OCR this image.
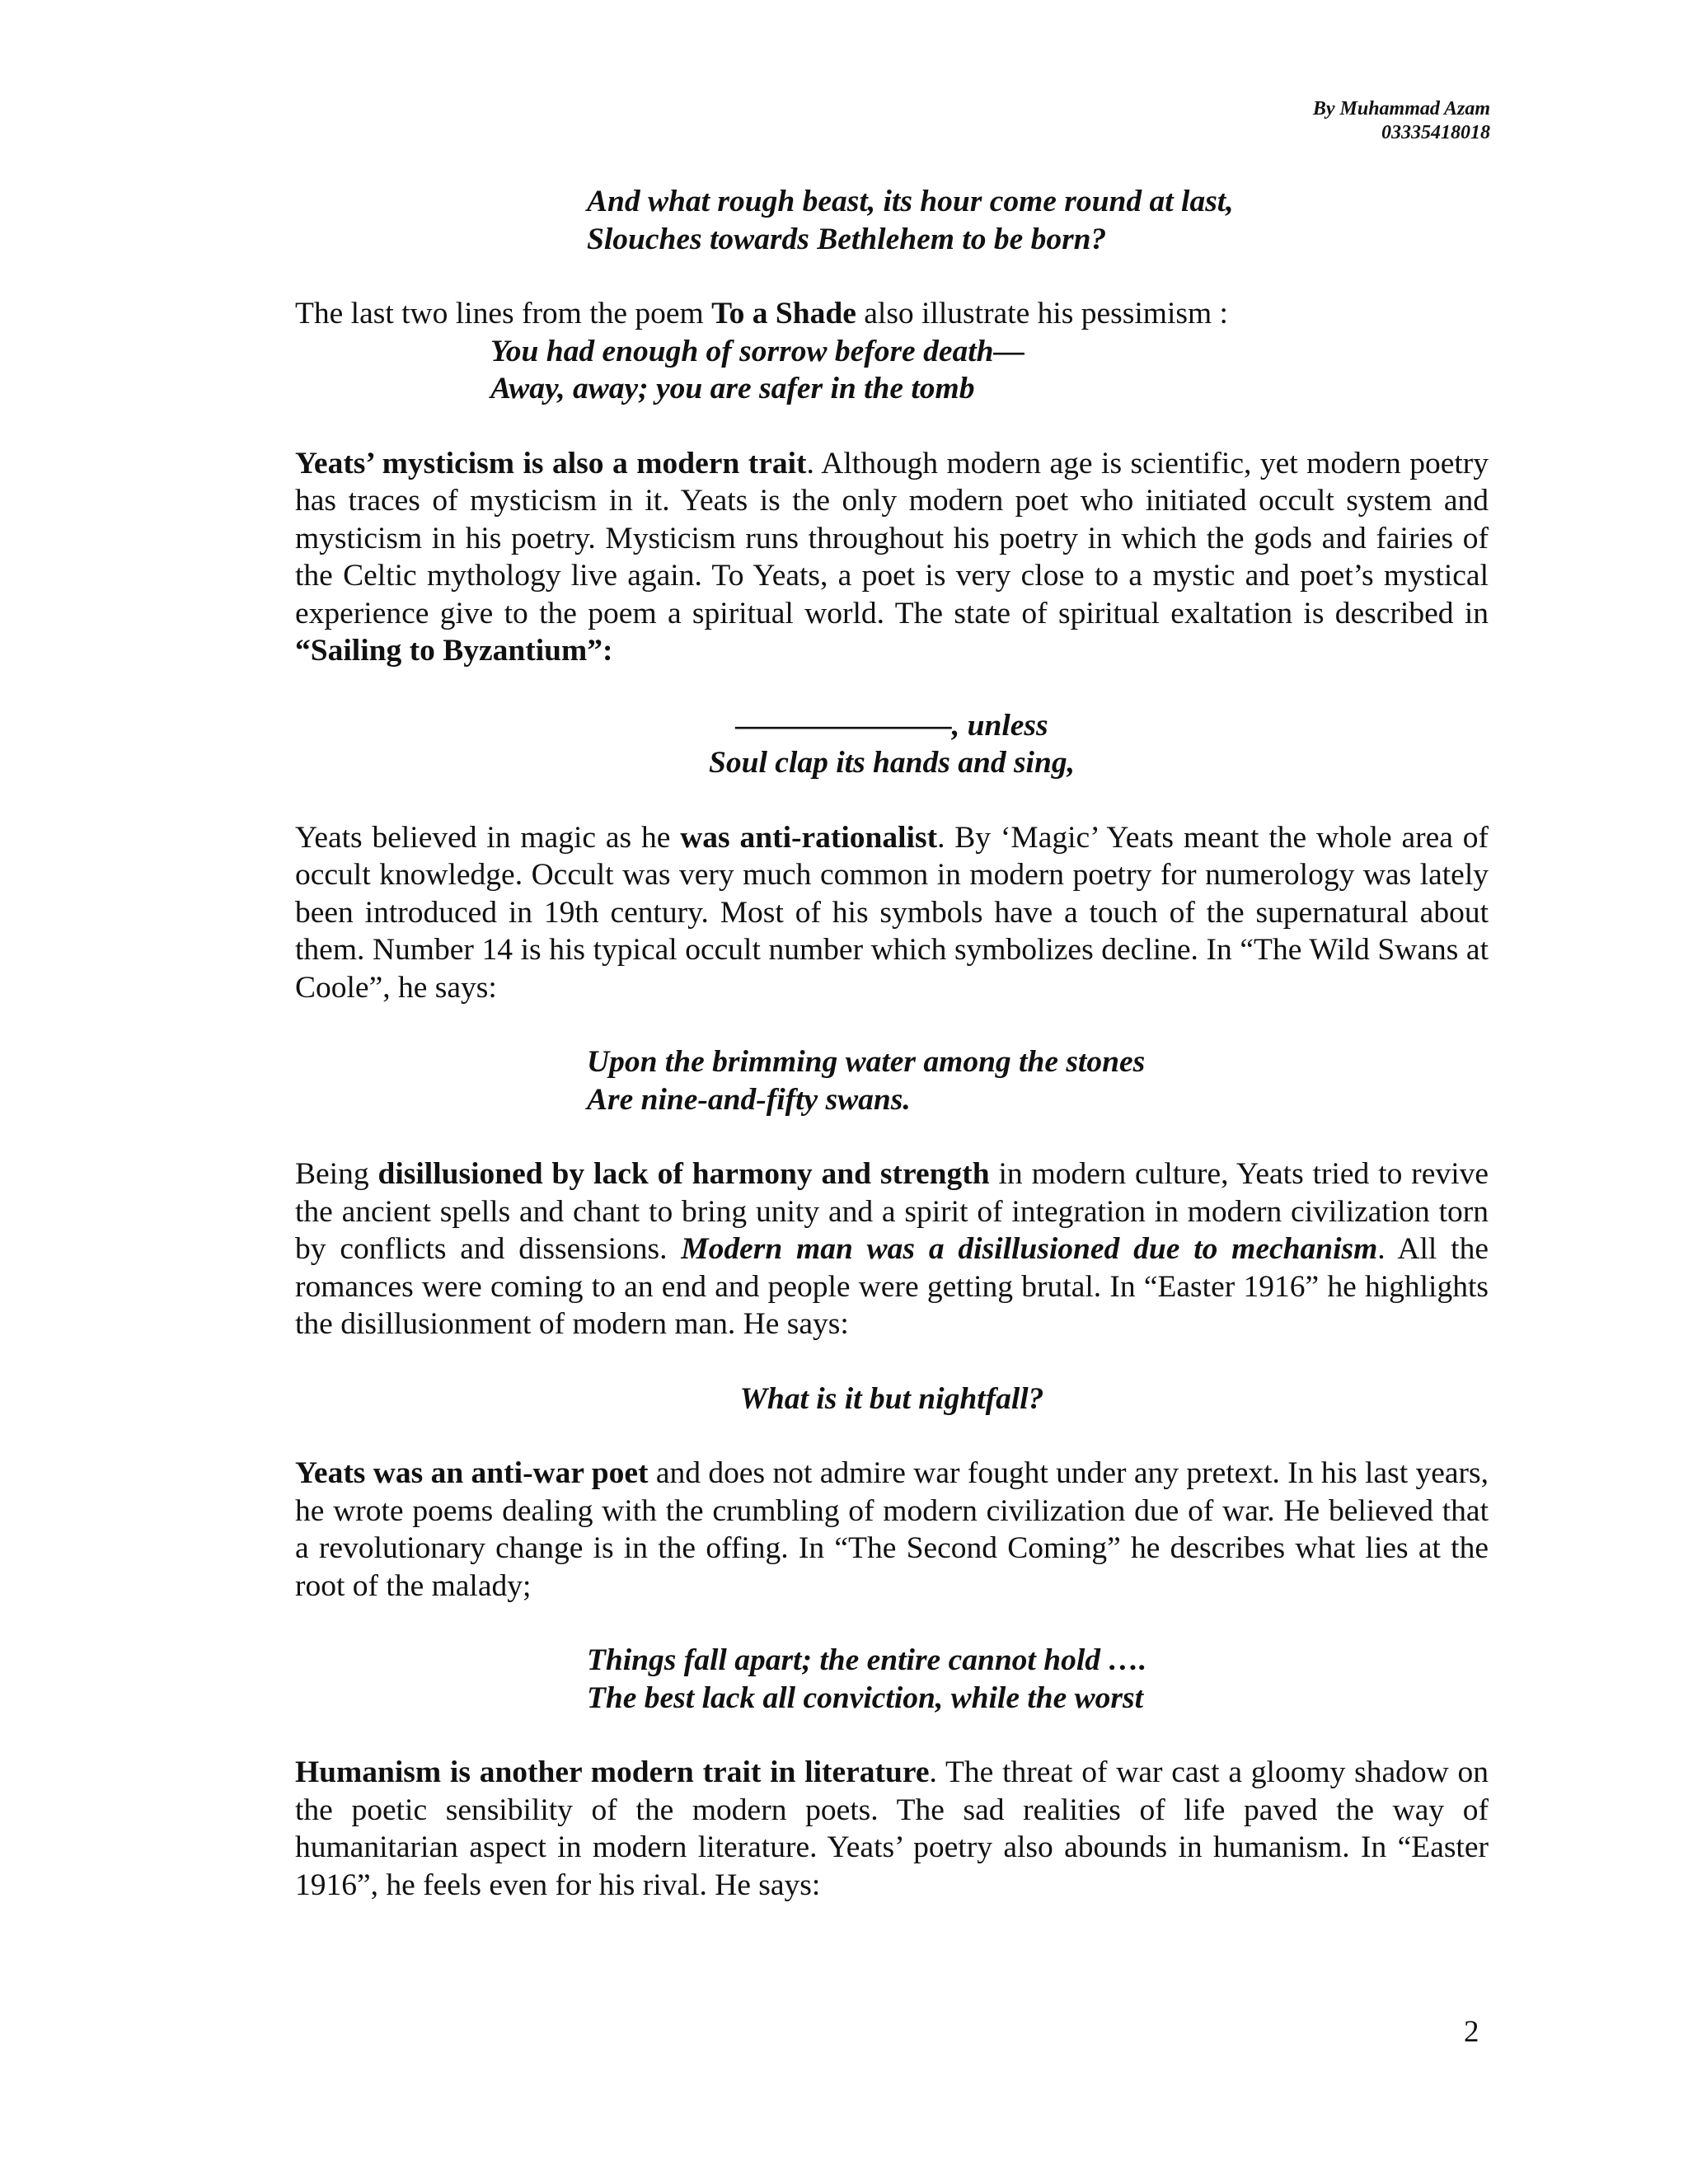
By Muhammad Azam
03335418018

And what rough beast, its hour come round at last,

Slouches towards Bethlehem to be born?

The last two lines from the poem To a Shade also illustrate his pessimism :

You had enough of sorrow before death—

Away, away; you are safer in the tomb

Yeats’ mysticism is also a modern trait. Although modern age is scientific, yet modern poetry has traces of mysticism in it. Yeats is the only modern poet who initiated occult system and mysticism in his poetry. Mysticism runs throughout his poetry in which the gods and fairies of the Celtic mythology live again. To Yeats, a poet is very close to a mystic and poet’s mystical experience give to the poem a spiritual world. The state of spiritual exaltation is described in “Sailing to Byzantium”:

———————, unless

Soul clap its hands and sing,

Yeats believed in magic as he was anti-rationalist. By ‘Magic’ Yeats meant the whole area of occult knowledge. Occult was very much common in modern poetry for numerology was lately been introduced in 19th century. Most of his symbols have a touch of the supernatural about them. Number 14 is his typical occult number which symbolizes decline. In “The Wild Swans at Coole”, he says:

Upon the brimming water among the stones

Are nine-and-fifty swans.

Being disillusioned by lack of harmony and strength in modern culture, Yeats tried to revive the ancient spells and chant to bring unity and a spirit of integration in modern civilization torn by conflicts and dissensions. Modern man was a disillusioned due to mechanism. All the romances were coming to an end and people were getting brutal. In “Easter 1916” he highlights the disillusionment of modern man. He says:

What is it but nightfall?

Yeats was an anti-war poet and does not admire war fought under any pretext. In his last years, he wrote poems dealing with the crumbling of modern civilization due of war. He believed that a revolutionary change is in the offing. In “The Second Coming” he describes what lies at the root of the malady;

Things fall apart; the entire cannot hold ….

The best lack all conviction, while the worst

Humanism is another modern trait in literature. The threat of war cast a gloomy shadow on the poetic sensibility of the modern poets. The sad realities of life paved the way of humanitarian aspect in modern literature. Yeats’ poetry also abounds in humanism. In “Easter 1916”, he feels even for his rival. He says:

2
